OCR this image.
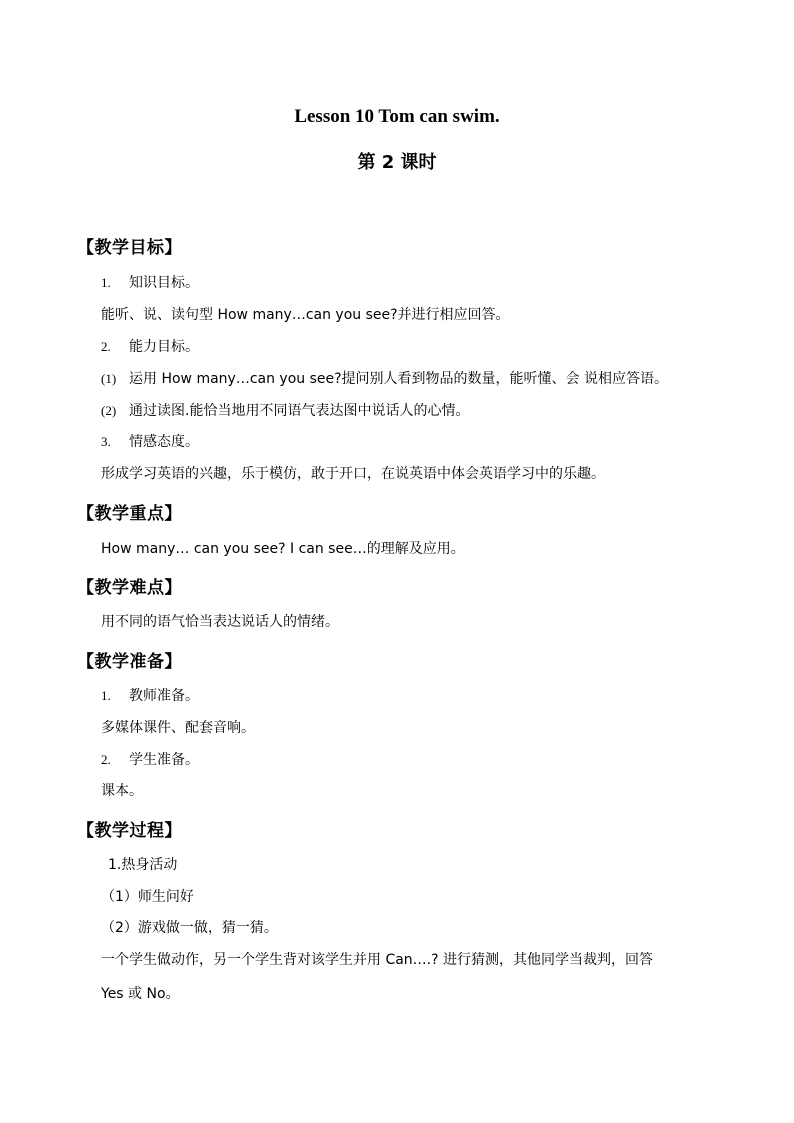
Lesson 10 Tom can swim.
第 2 课时
【教学目标】
1. 知识目标。
能听、说、读句型 How many…can you see?并进行相应回答。
2. 能力目标。
(1) 运用 How many…can you see?提问别人看到物品的数量，能听懂、会 说相应答语。
(2) 通过读图.能恰当地用不同语气表达图中说话人的心情。
3. 情感态度。
形成学习英语的兴趣，乐于模仿，敢于开口，在说英语中体会英语学习中的乐趣。
【教学重点】
How many… can you see? I can see…的理解及应用。
【教学难点】
用不同的语气恰当表达说话人的情绪。
【教学准备】
1. 教师准备。
多媒体课件、配套音响。
2. 学生准备。
课本。
【教学过程】
1.热身活动
（1）师生问好
（2）游戏做一做，猜一猜。
一个学生做动作，另一个学生背对该学生并用 Can….? 进行猜测，其他同学当裁判，回答
Yes 或 No。
